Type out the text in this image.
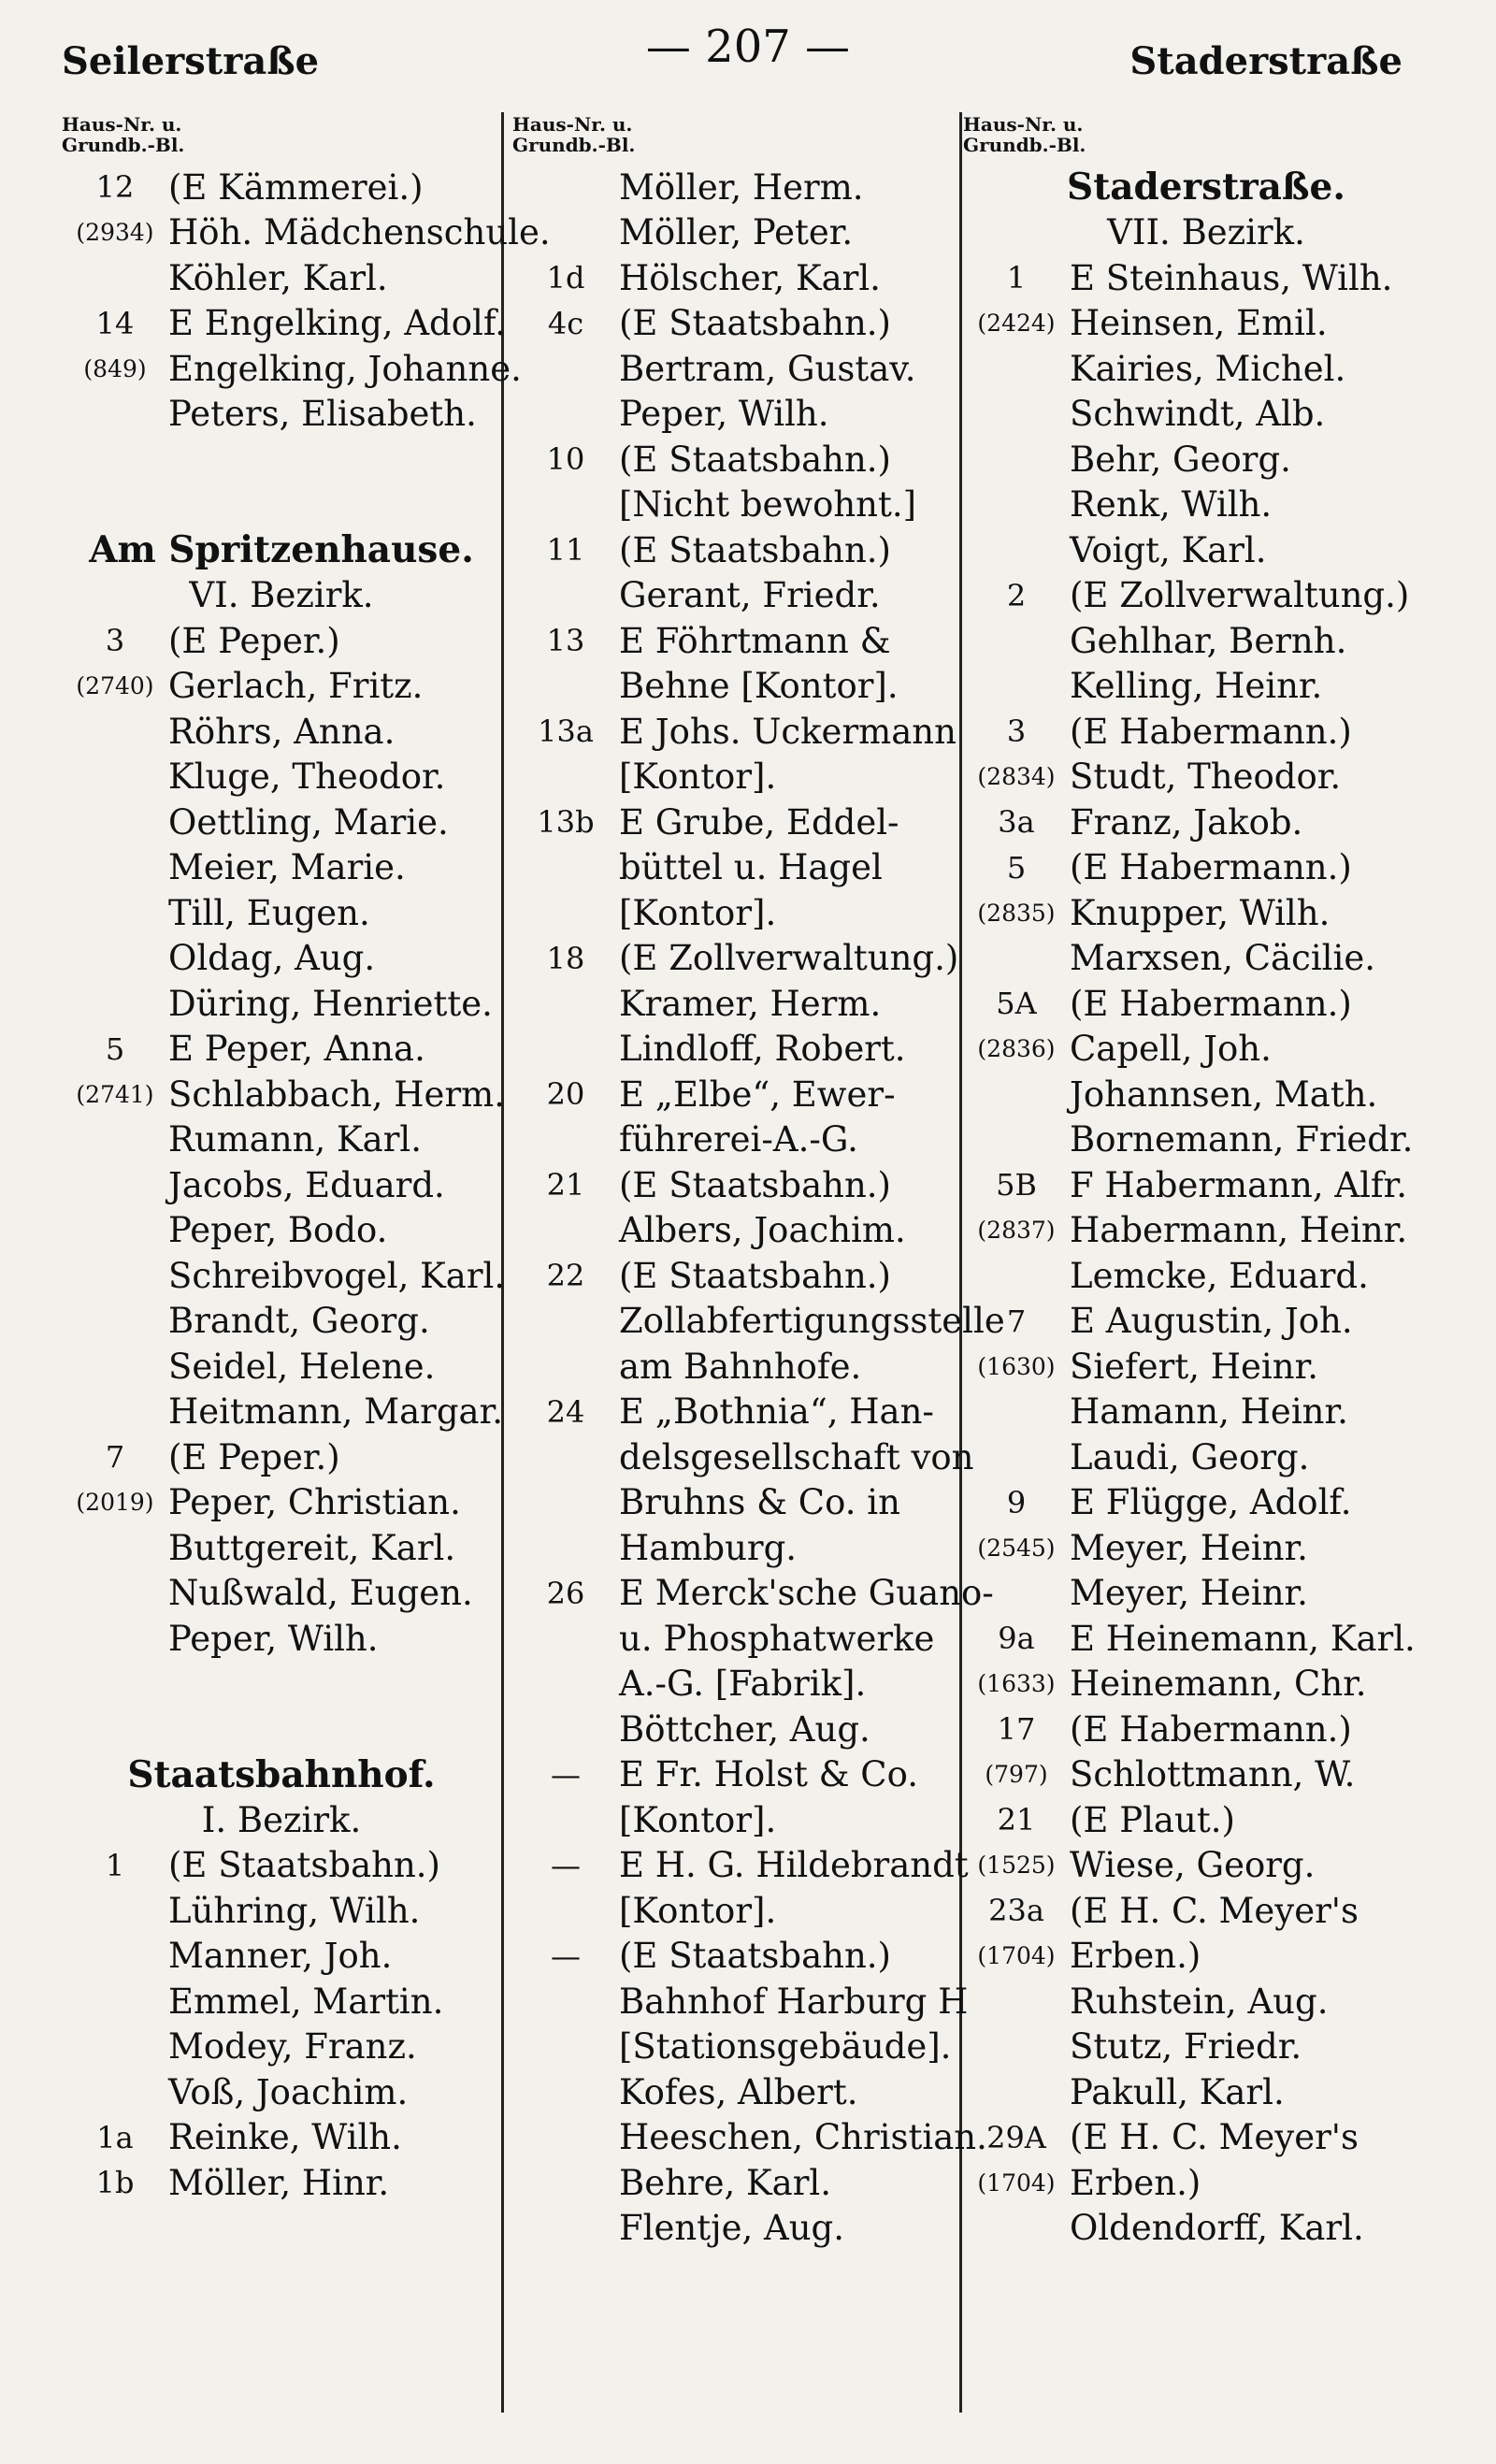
Seilerstraße	— 207 —	Staderstraße
Haus-Nr. u.
Grundb.-Bl.
12 (E Kämmerei.)
(2934) Höh. Mädchenschule.
Köhler, Karl.
14 E Engelking, Adolf.
(849) Engelking, Johanne.
Peters, Elisabeth.
Am Spritzenhause.
VI. Bezirk.
3	(E Peper.)
(2740) Gerlach, Fritz.
Röhrs, Anna.
Kluge, Theodor.
Oettling, Marie.
Meier, Marie.
Till, Eugen.
Oldag, Aug.
Düring, Henriette.
5	E Peper, Anna.
(2741) Schlabbach, Herm.
Rumann, Karl.
Jacobs, Eduard.
Peper, Bodo.
Schreibvogel, Karl.
Brandt, Georg.
Seidel, Helene.
Heitmann, Margar.
7	(E Peper.)
(2019) Peper, Christian.
Buttgereit, Karl.
Nußwald, Eugen.
Peper, Wilh.
Staatsbahnhof.
I. Bezirk.
1	(E Staatsbahn.)
Lühring, Wilh.
Manner, Joh.
Emmel, Martin.
Modey, Franz.
Voß, Joachim.
1a	Reinke, Wilh.
1b Möller, Hinr.
Haus-Nr. u.
Grundb.-Bl.
Möller, Herm.
Möller, Peter.
1d Hölscher, Karl.
4c	(E Staatsbahn.)
Bertram, Gustav.
Peper, Wilh.
10 (E Staatsbahn.)
[Nicht bewohnt.]
11 (E Staatsbahn.)
Gerant, Friedr.
13 E Föhrtmann &
Behne [Kontor].
13a E Johs. Uckermann
[Kontor].
13b E Grube, Eddel-
büttel u. Hagel
[Kontor].
18 (E Zollverwaltung.)
Kramer, Herm.
Lindloff, Robert.
20 E „Elbe“, Ewer-
führerei-A.-G.
21 (E Staatsbahn.)
Albers, Joachim.
22 (E Staatsbahn.)
Zollabfertigungsstelle
am Bahnhofe.
24 E „Bothnia“, Han-
delsgesellschaft von
Bruhns & Co. in
Hamburg.
26 E Merck'sche Guano-
u. Phosphatwerke
A.-G. [Fabrik].
Böttcher, Aug.
—	E Fr. Holst & Co.
[Kontor].
—	E H. G. Hildebrandt
[Kontor].
—	(E Staatsbahn.)
Bahnhof Harburg H
[Stationsgebäude].
Kofes, Albert.
Heeschen, Christian.
Behre, Karl.
Flentje, Aug.
Haus-Nr. u.
Grundb.-Bl.
Staderstraße.
VII. Bezirk.
1	E Steinhaus, Wilh.
(2424) Heinsen, Emil.
Kairies, Michel.
Schwindt, Alb.
Behr, Georg.
Renk, Wilh.
Voigt, Karl.
2	(E Zollverwaltung.)
Gehlhar, Bernh.
Kelling, Heinr.
3	(E Habermann.)
(2834) Studt, Theodor.
3a	Franz, Jakob.
5	(E Habermann.)
(2835) Knupper, Wilh.
Marxsen, Cäcilie.
5A (E Habermann.)
(2836) Capell, Joh.
Johannsen, Math.
Bornemann, Friedr.
5B F Habermann, Alfr.
(2837) Habermann, Heinr.
Lemcke, Eduard.
7	E Augustin, Joh.
(1630) Siefert, Heinr.
Hamann, Heinr.
Laudi, Georg.
9	E Flügge, Adolf.
(2545) Meyer, Heinr.
Meyer, Heinr.
9a	E Heinemann, Karl.
(1633) Heinemann, Chr.
17 (E Habermann.)
(797) Schlottmann, W.
21 (E Plaut.)
(1525) Wiese, Georg.
23a (E H. C. Meyer's
(1704) Erben.)
Ruhstein, Aug.
Stutz, Friedr.
Pakull, Karl.
29A (E H. C. Meyer's
(1704) Erben.)
Oldendorff, Karl.
